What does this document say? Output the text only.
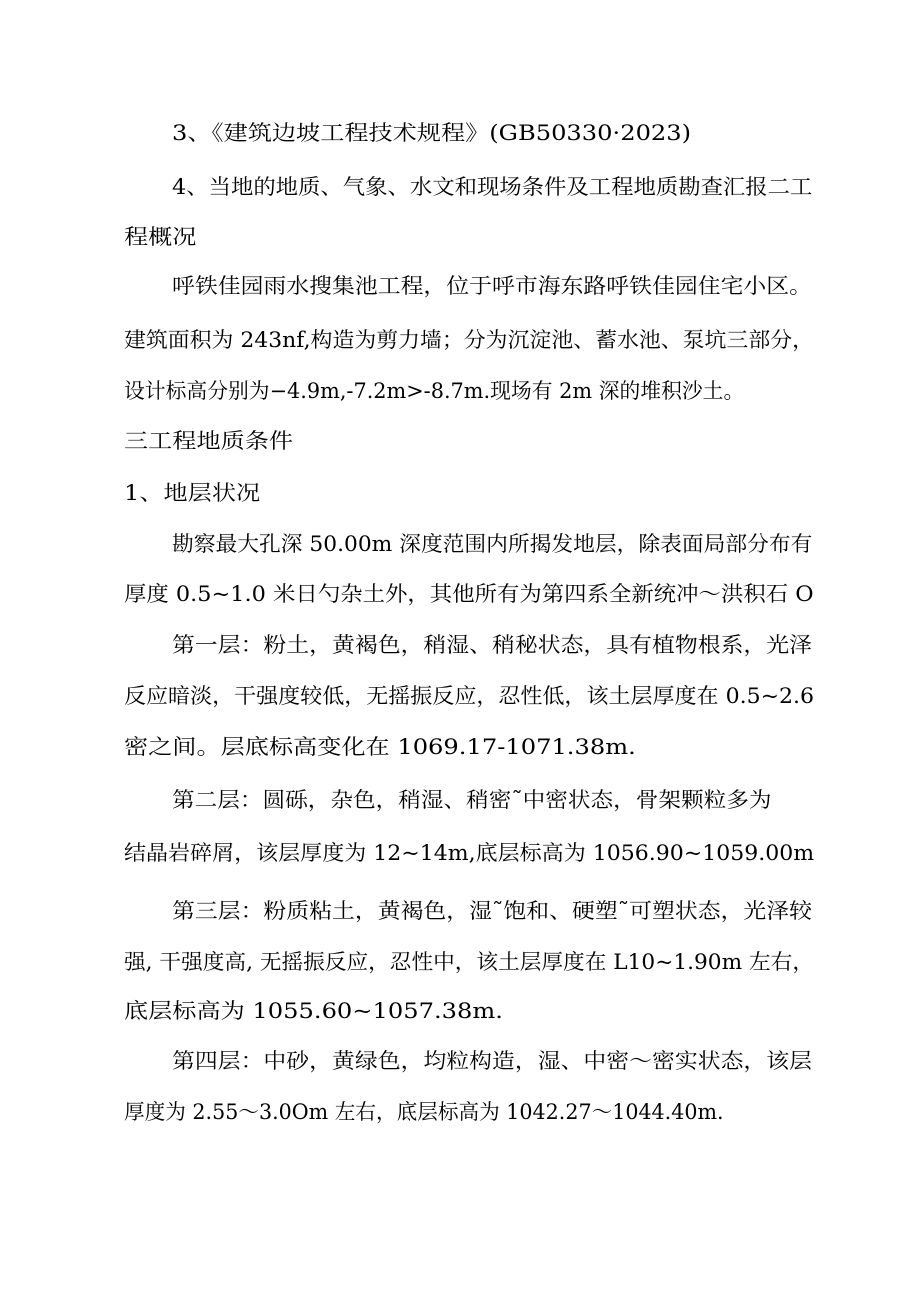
3、《建筑边坡工程技术规程》(GB50330·2023)

4、当地的地质、气象、水文和现场条件及工程地质勘查汇报二工

程概况

呼铁佳园雨水搜集池工程，位于呼市海东路呼铁佳园住宅小区。

建筑面积为 243nf,构造为剪力墙；分为沉淀池、蓄水池、泵坑三部分，

设计标高分别为−4.9m,-7.2m>-8.7m.现场有 2m 深的堆积沙土。

三工程地质条件

1、地层状况

勘察最大孔深 50.00m 深度范围内所揭发地层，除表面局部分布有

厚度 0.5~1.0 米日勺杂土外，其他所有为第四系全新统冲～洪积石 O

第一层：粉土，黄褐色，稍湿、稍秘状态，具有植物根系，光泽

反应暗淡，干强度较低，无摇振反应，忍性低，该土层厚度在 0.5~2.6

密之间。层底标高变化在 1069.17-1071.38m.

第二层：圆砾，杂色，稍湿、稍密˜中密状态，骨架颗粒多为

结晶岩碎屑，该层厚度为 12~14m,底层标高为 1056.90~1059.00m

第三层：粉质粘土，黄褐色，湿˜饱和、硬塑˜可塑状态，光泽较

强, 干强度高, 无摇振反应，忍性中，该土层厚度在 L10~1.90m 左右，

底层标高为 1055.60~1057.38m.

第四层：中砂，黄绿色，均粒构造，湿、中密～密实状态，该层

厚度为 2.55～3.0Om 左右，底层标高为 1042.27～1044.40m.
